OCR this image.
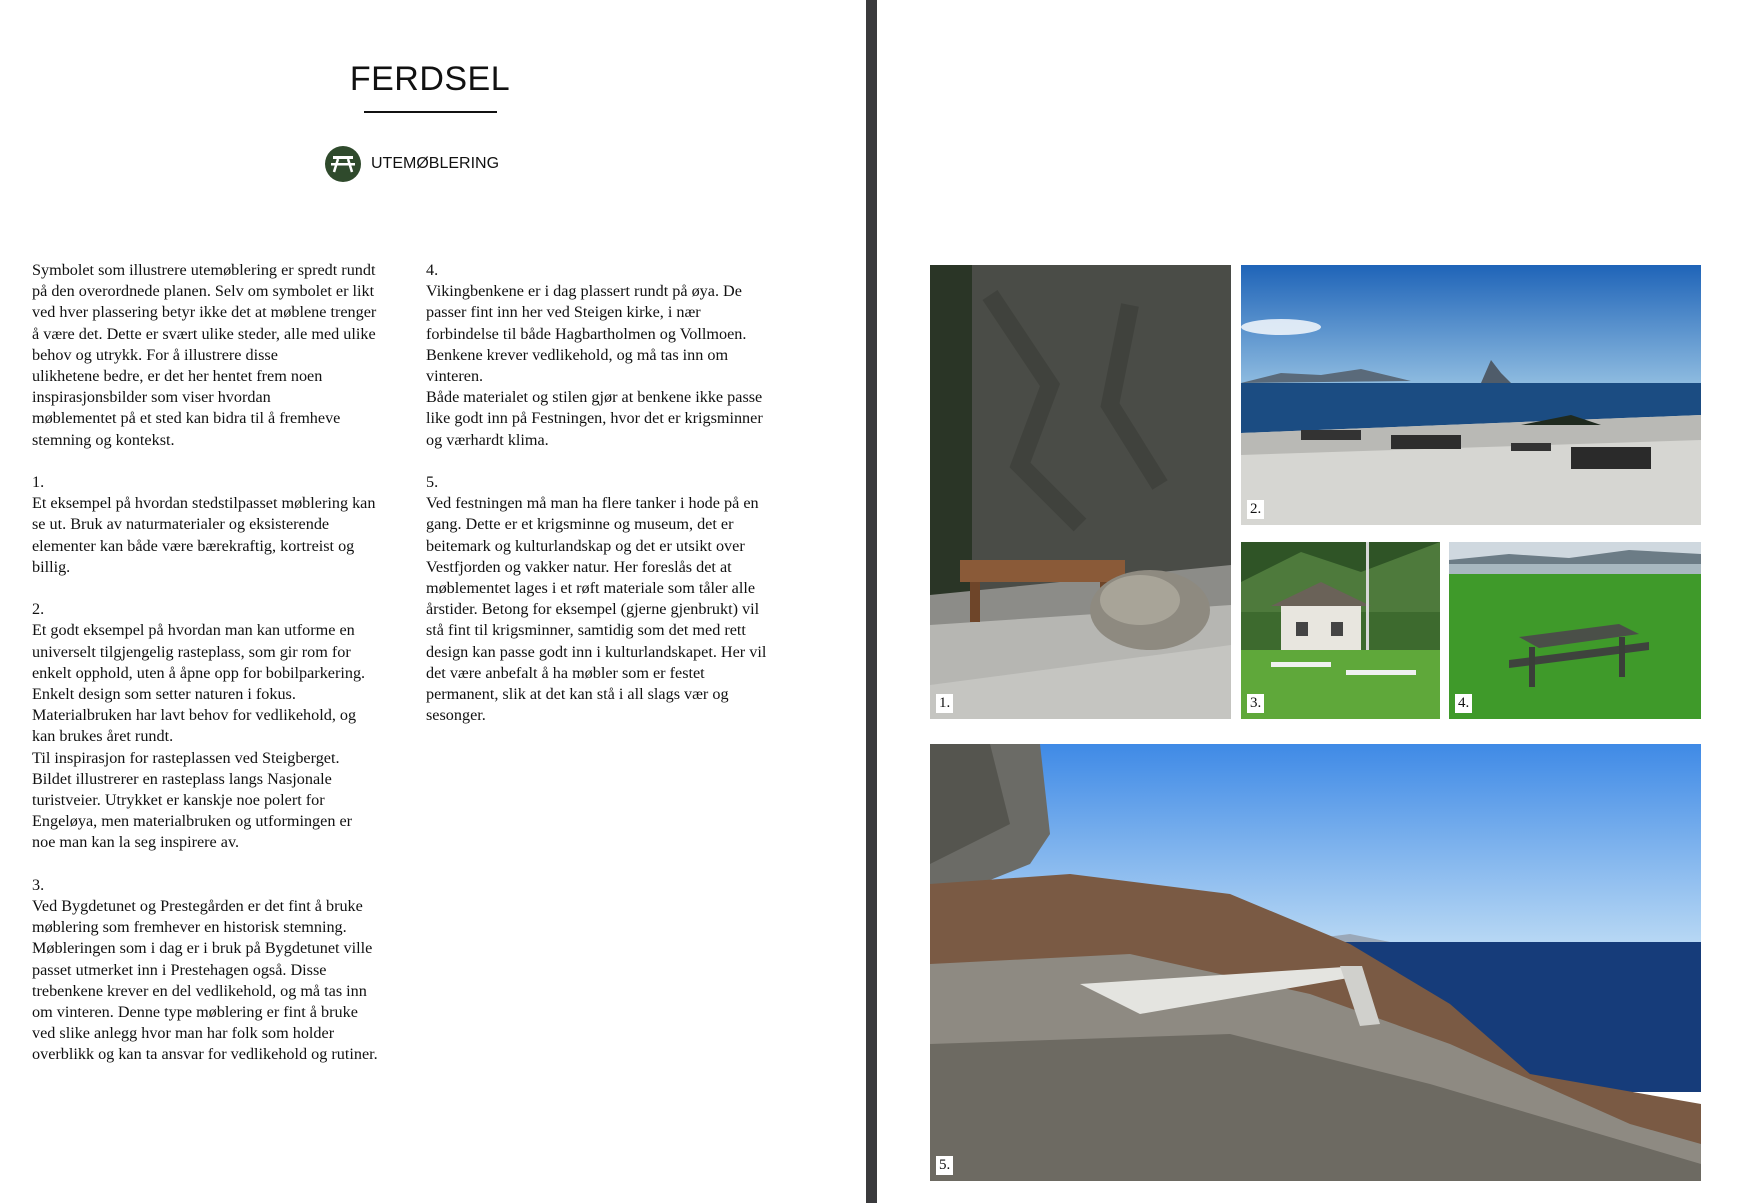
FERDSEL
UTEMØBLERING

Symbolet som illustrere utemøblering er spredt rundt
på den overordnede planen. Selv om symbolet er likt
ved hver plassering betyr ikke det at møblene trenger
å være det. Dette er svært ulike steder, alle med ulike
behov og utrykk. For å illustrere disse
ulikhetene bedre, er det her hentet frem noen
inspirasjonsbilder som viser hvordan
møblementet på et sted kan bidra til å fremheve
stemning og kontekst.

1.
Et eksempel på hvordan stedstilpasset møblering kan
se ut. Bruk av naturmaterialer og eksisterende
elementer kan både være bærekraftig, kortreist og
billig.

2.
Et godt eksempel på hvordan man kan utforme en
universelt tilgjengelig rasteplass, som gir rom for
enkelt opphold, uten å åpne opp for bobilparkering.
Enkelt design som setter naturen i fokus.
Materialbruken har lavt behov for vedlikehold, og
kan brukes året rundt.
Til inspirasjon for rasteplassen ved Steigberget.
Bildet illustrerer en rasteplass langs Nasjonale
turistveier. Utrykket er kanskje noe polert for
Engeløya, men materialbruken og utformingen er
noe man kan la seg inspirere av.

3.
Ved Bygdetunet og Prestegården er det fint å bruke
møblering som fremhever en historisk stemning.
Møbleringen som i dag er i bruk på Bygdetunet ville
passet utmerket inn i Prestehagen også. Disse
trebenkene krever en del vedlikehold, og må tas inn
om vinteren. Denne type møblering er fint å bruke
ved slike anlegg hvor man har folk som holder
overblikk og kan ta ansvar for vedlikehold og rutiner.

4.
Vikingbenkene er i dag plassert rundt på øya. De
passer fint inn her ved Steigen kirke, i nær
forbindelse til både Hagbartholmen og Vollmoen.
Benkene krever vedlikehold, og må tas inn om
vinteren.
Både materialet og stilen gjør at benkene ikke passe
like godt inn på Festningen, hvor det er krigsminner
og værhardt klima.

5.
Ved festningen må man ha flere tanker i hode på en
gang. Dette er et krigsminne og museum, det er
beitemark og kulturlandskap og det er utsikt over
Vestfjorden og vakker natur. Her foreslås det at
møblementet lages i et røft materiale som tåler alle
årstider. Betong for eksempel (gjerne gjenbrukt) vil
stå fint til krigsminner, samtidig som det med rett
design kan passe godt inn i kulturlandskapet. Her vil
det være anbefalt å ha møbler som er festet
permanent, slik at det kan stå i all slags vær og
sesonger.

1.
2.
3.	4.
5.
